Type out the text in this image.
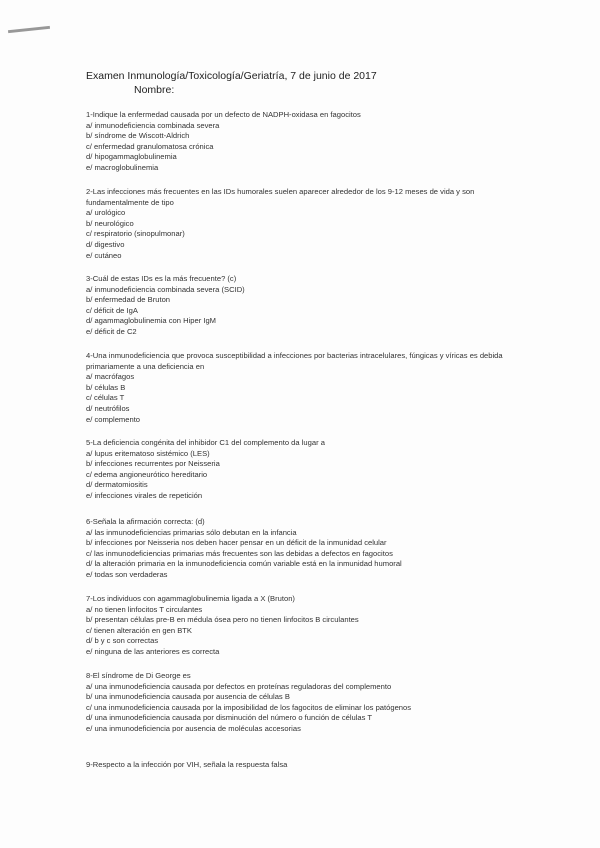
Examen Inmunología/Toxicología/Geriatría, 7 de junio de 2017
Nombre:
1-Indique la enfermedad causada por un defecto de NADPH-oxidasa en fagocitos
a/ inmunodeficiencia combinada severa
b/ síndrome de Wiscott-Aldrich
c/ enfermedad granulomatosa crónica
d/ hipogammaglobulinemia
e/ macroglobulinemia
2-Las infecciones más frecuentes en las IDs humorales suelen aparecer alrededor de los 9-12 meses de vida y son fundamentalmente de tipo
a/ urológico
b/ neurológico
c/ respiratorio (sinopulmonar)
d/ digestivo
e/ cutáneo
3-Cuál de estas IDs es la más frecuente? (c)
a/ inmunodeficiencia combinada severa (SCID)
b/ enfermedad de Bruton
c/ déficit de IgA
d/ agammaglobulinemia con Hiper IgM
e/ déficit de C2
4-Una inmunodeficiencia que provoca susceptibilidad a infecciones por bacterias intracelulares, fúngicas y víricas es debida primariamente a una deficiencia en
a/ macrófagos
b/ células B
c/ células T
d/ neutrófilos
e/ complemento
5-La deficiencia congénita del inhibidor C1 del complemento da lugar a
a/ lupus eritematoso sistémico (LES)
b/ infecciones recurrentes por Neisseria
c/ edema angioneurótico hereditario
d/ dermatomiositis
e/ infecciones virales de repetición
6-Señala la afirmación correcta: (d)
a/ las inmunodeficiencias primarias sólo debutan en la infancia
b/ infecciones por Neisseria nos deben hacer pensar en un déficit de la inmunidad celular
c/ las inmunodeficiencias primarias más frecuentes son las debidas a defectos en fagocitos
d/ la alteración primaria en la inmunodeficiencia común variable está en la inmunidad humoral
e/ todas son verdaderas
7-Los individuos con agammaglobulinemia ligada a X (Bruton)
a/ no tienen linfocitos T circulantes
b/ presentan células pre-B en médula ósea pero no tienen linfocitos B circulantes
c/ tienen alteración en gen BTK
d/ b y c son correctas
e/ ninguna de las anteriores es correcta
8-El síndrome de Di George es
a/ una inmunodeficiencia causada por defectos en proteínas reguladoras del complemento
b/ una inmunodeficiencia causada por ausencia de células B
c/ una inmunodeficiencia causada por la imposibilidad de los fagocitos de eliminar los patógenos
d/ una inmunodeficiencia causada por disminución del número o función de células T
e/ una inmunodeficiencia por ausencia de moléculas accesorias
9-Respecto a la infección por VIH, señala la respuesta falsa
